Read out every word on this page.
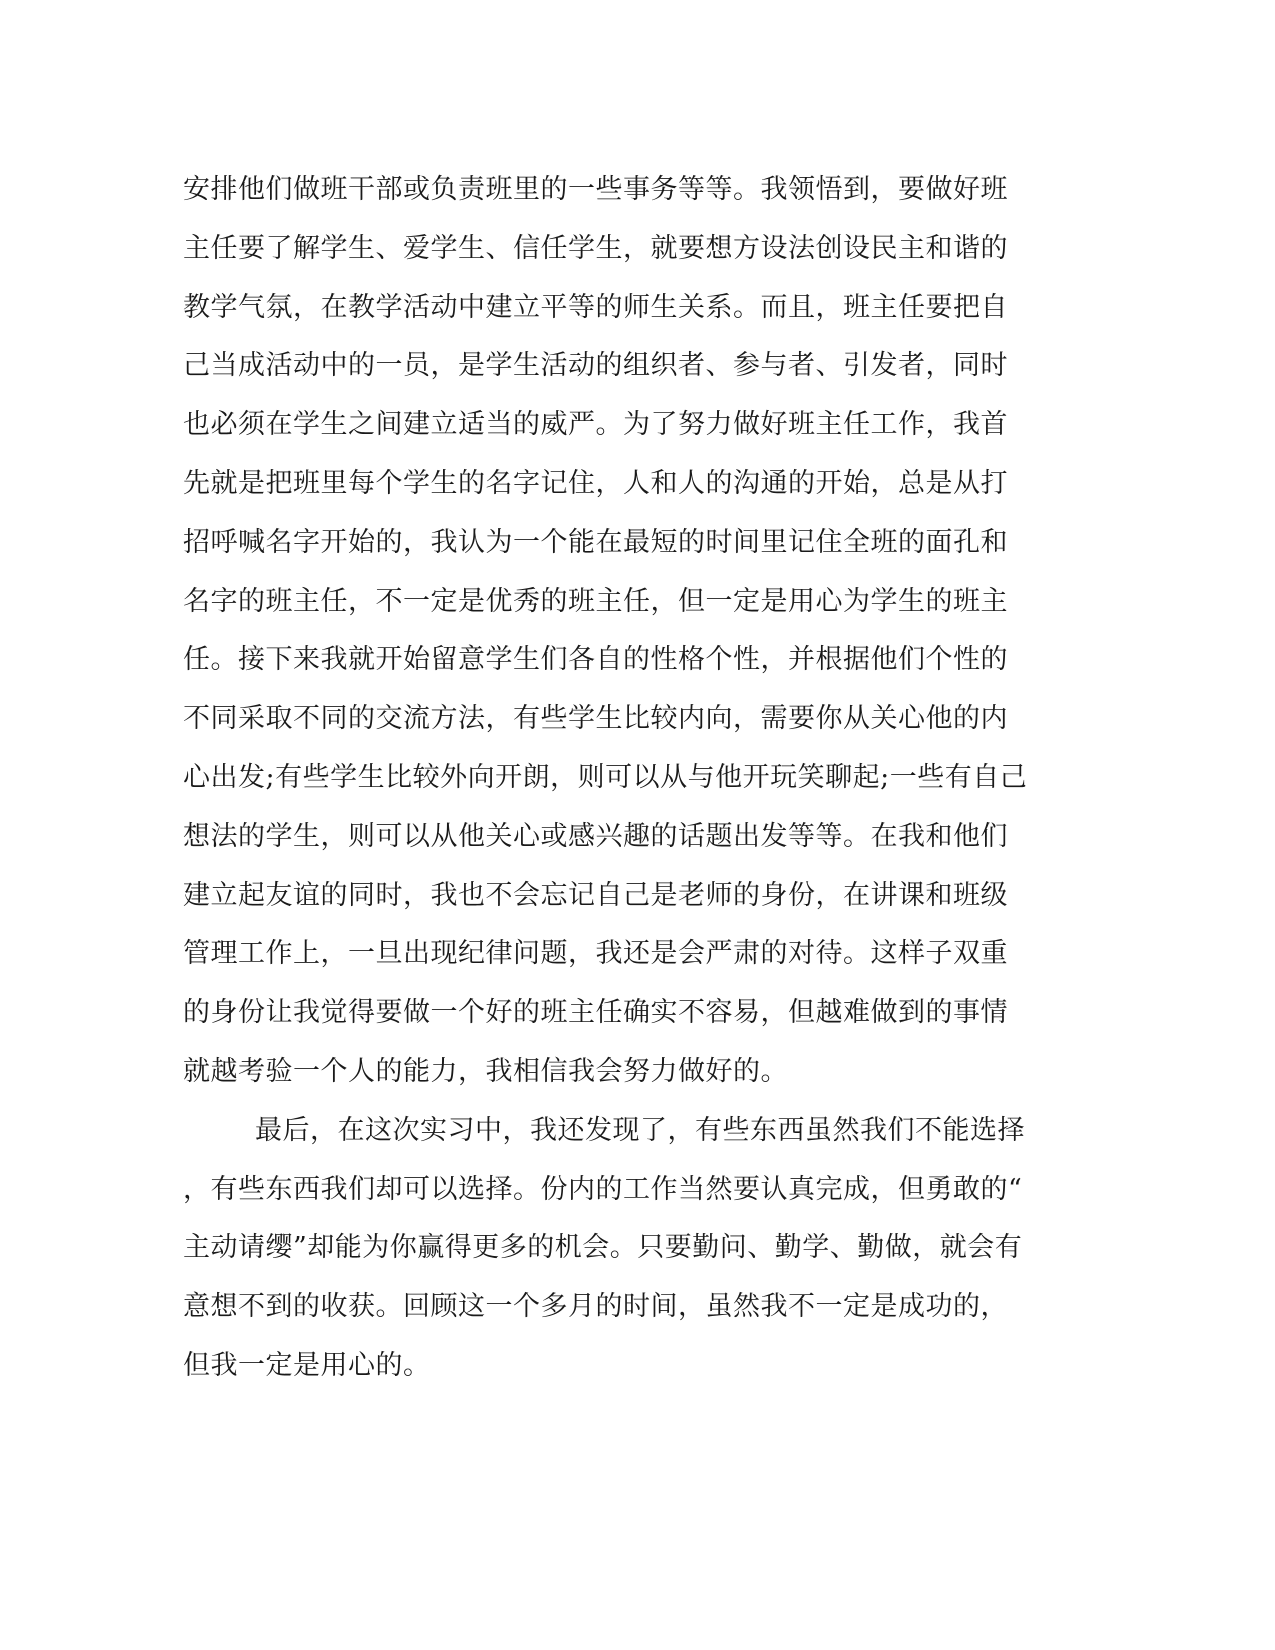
安排他们做班干部或负责班里的一些事务等等。我领悟到，要做好班
主任要了解学生、爱学生、信任学生，就要想方设法创设民主和谐的
教学气氛，在教学活动中建立平等的师生关系。而且，班主任要把自
己当成活动中的一员，是学生活动的组织者、参与者、引发者，同时
也必须在学生之间建立适当的威严。为了努力做好班主任工作，我首
先就是把班里每个学生的名字记住，人和人的沟通的开始，总是从打
招呼喊名字开始的，我认为一个能在最短的时间里记住全班的面孔和
名字的班主任，不一定是优秀的班主任，但一定是用心为学生的班主
任。接下来我就开始留意学生们各自的性格个性，并根据他们个性的
不同采取不同的交流方法，有些学生比较内向，需要你从关心他的内
心出发;有些学生比较外向开朗，则可以从与他开玩笑聊起;一些有自己
想法的学生，则可以从他关心或感兴趣的话题出发等等。在我和他们
建立起友谊的同时，我也不会忘记自己是老师的身份，在讲课和班级
管理工作上，一旦出现纪律问题，我还是会严肃的对待。这样子双重
的身份让我觉得要做一个好的班主任确实不容易，但越难做到的事情
就越考验一个人的能力，我相信我会努力做好的。
最后，在这次实习中，我还发现了，有些东西虽然我们不能选择
，有些东西我们却可以选择。份内的工作当然要认真完成，但勇敢的“
主动请缨”却能为你赢得更多的机会。只要勤问、勤学、勤做，就会有
意想不到的收获。回顾这一个多月的时间，虽然我不一定是成功的，
但我一定是用心的。
